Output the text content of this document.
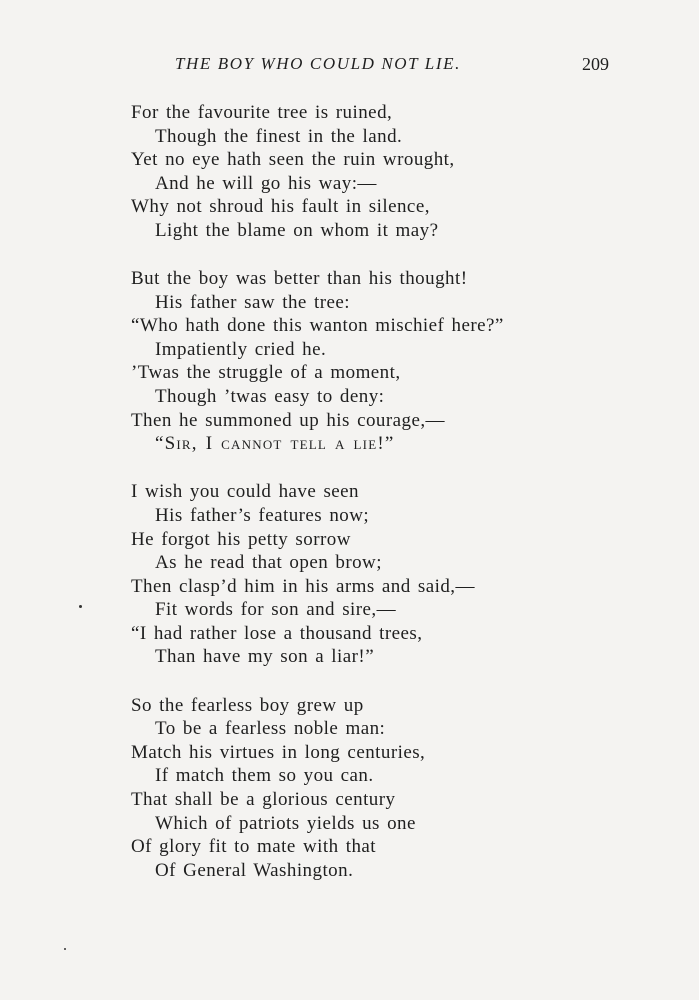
THE BOY WHO COULD NOT LIE.	209
For the favourite tree is ruined,
Though the finest in the land.
Yet no eye hath seen the ruin wrought,
And he will go his way:—
Why not shroud his fault in silence,
Light the blame on whom it may?
But the boy was better than his thought!
His father saw the tree:
“Who hath done this wanton mischief here?”
Impatiently cried he.
’Twas the struggle of a moment,
Though ’twas easy to deny:
Then he summoned up his courage,—
“Sir, I cannot tell a lie!”
I wish you could have seen
His father’s features now;
He forgot his petty sorrow
As he read that open brow;
Then clasp’d him in his arms and said,—
Fit words for son and sire,—
“I had rather lose a thousand trees,
Than have my son a liar!”
So the fearless boy grew up
To be a fearless noble man:
Match his virtues in long centuries,
If match them so you can.
That shall be a glorious century
Which of patriots yields us one
Of glory fit to mate with that
Of General Washington.
